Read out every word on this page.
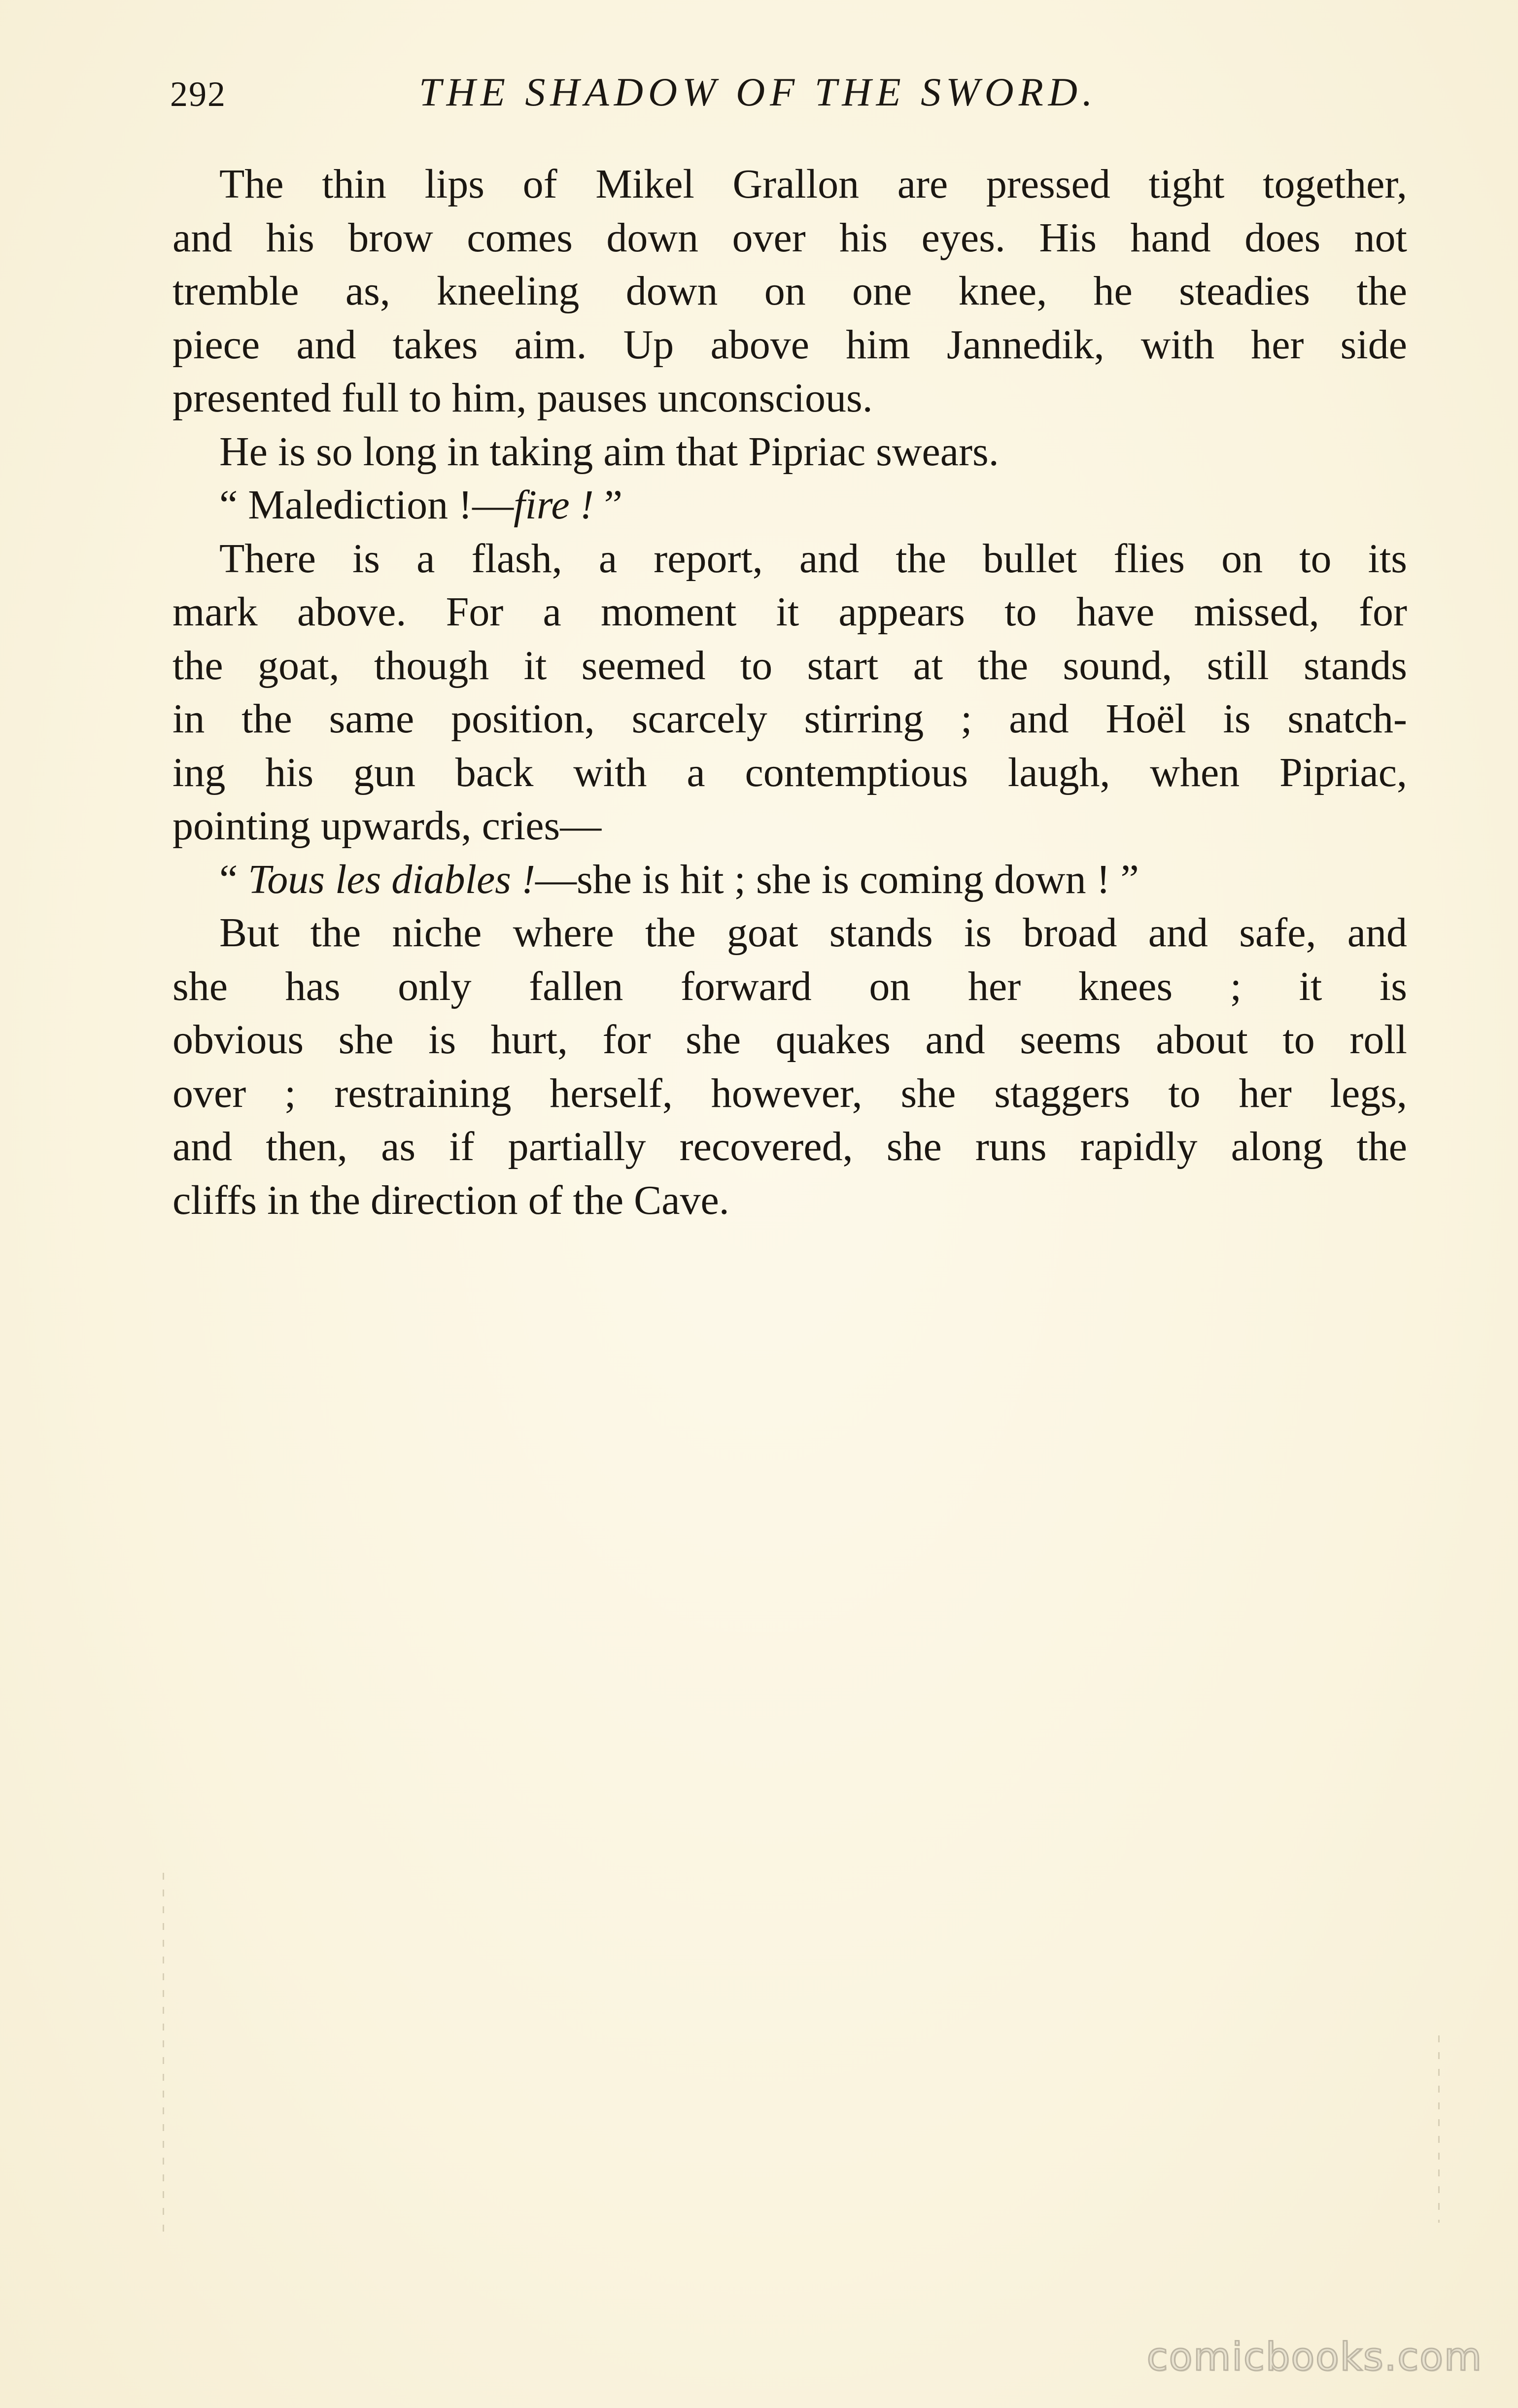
292	THE SHADOW OF THE SWORD.
The thin lips of Mikel Grallon are pressed tight together,
and his brow comes down over his eyes. His hand does not
tremble as, kneeling down on one knee, he steadies the
piece and takes aim. Up above him Jannedik, with her side
presented full to him, pauses unconscious.
He is so long in taking aim that Pipriac swears.
“ Malediction !—fire ! ”
There is a flash, a report, and the bullet flies on to its
mark above. For a moment it appears to have missed, for
the goat, though it seemed to start at the sound, still stands
in the same position, scarcely stirring ; and Hoël is snatch-
ing his gun back with a contemptious laugh, when Pipriac,
pointing upwards, cries—
“ Tous les diables !—she is hit ; she is coming down ! ”
But the niche where the goat stands is broad and safe, and
she has only fallen forward on her knees ; it is
obvious she is hurt, for she quakes and seems about to roll
over ; restraining herself, however, she staggers to her legs,
and then, as if partially recovered, she runs rapidly along the
cliffs in the direction of the Cave.
comicbooks.com
